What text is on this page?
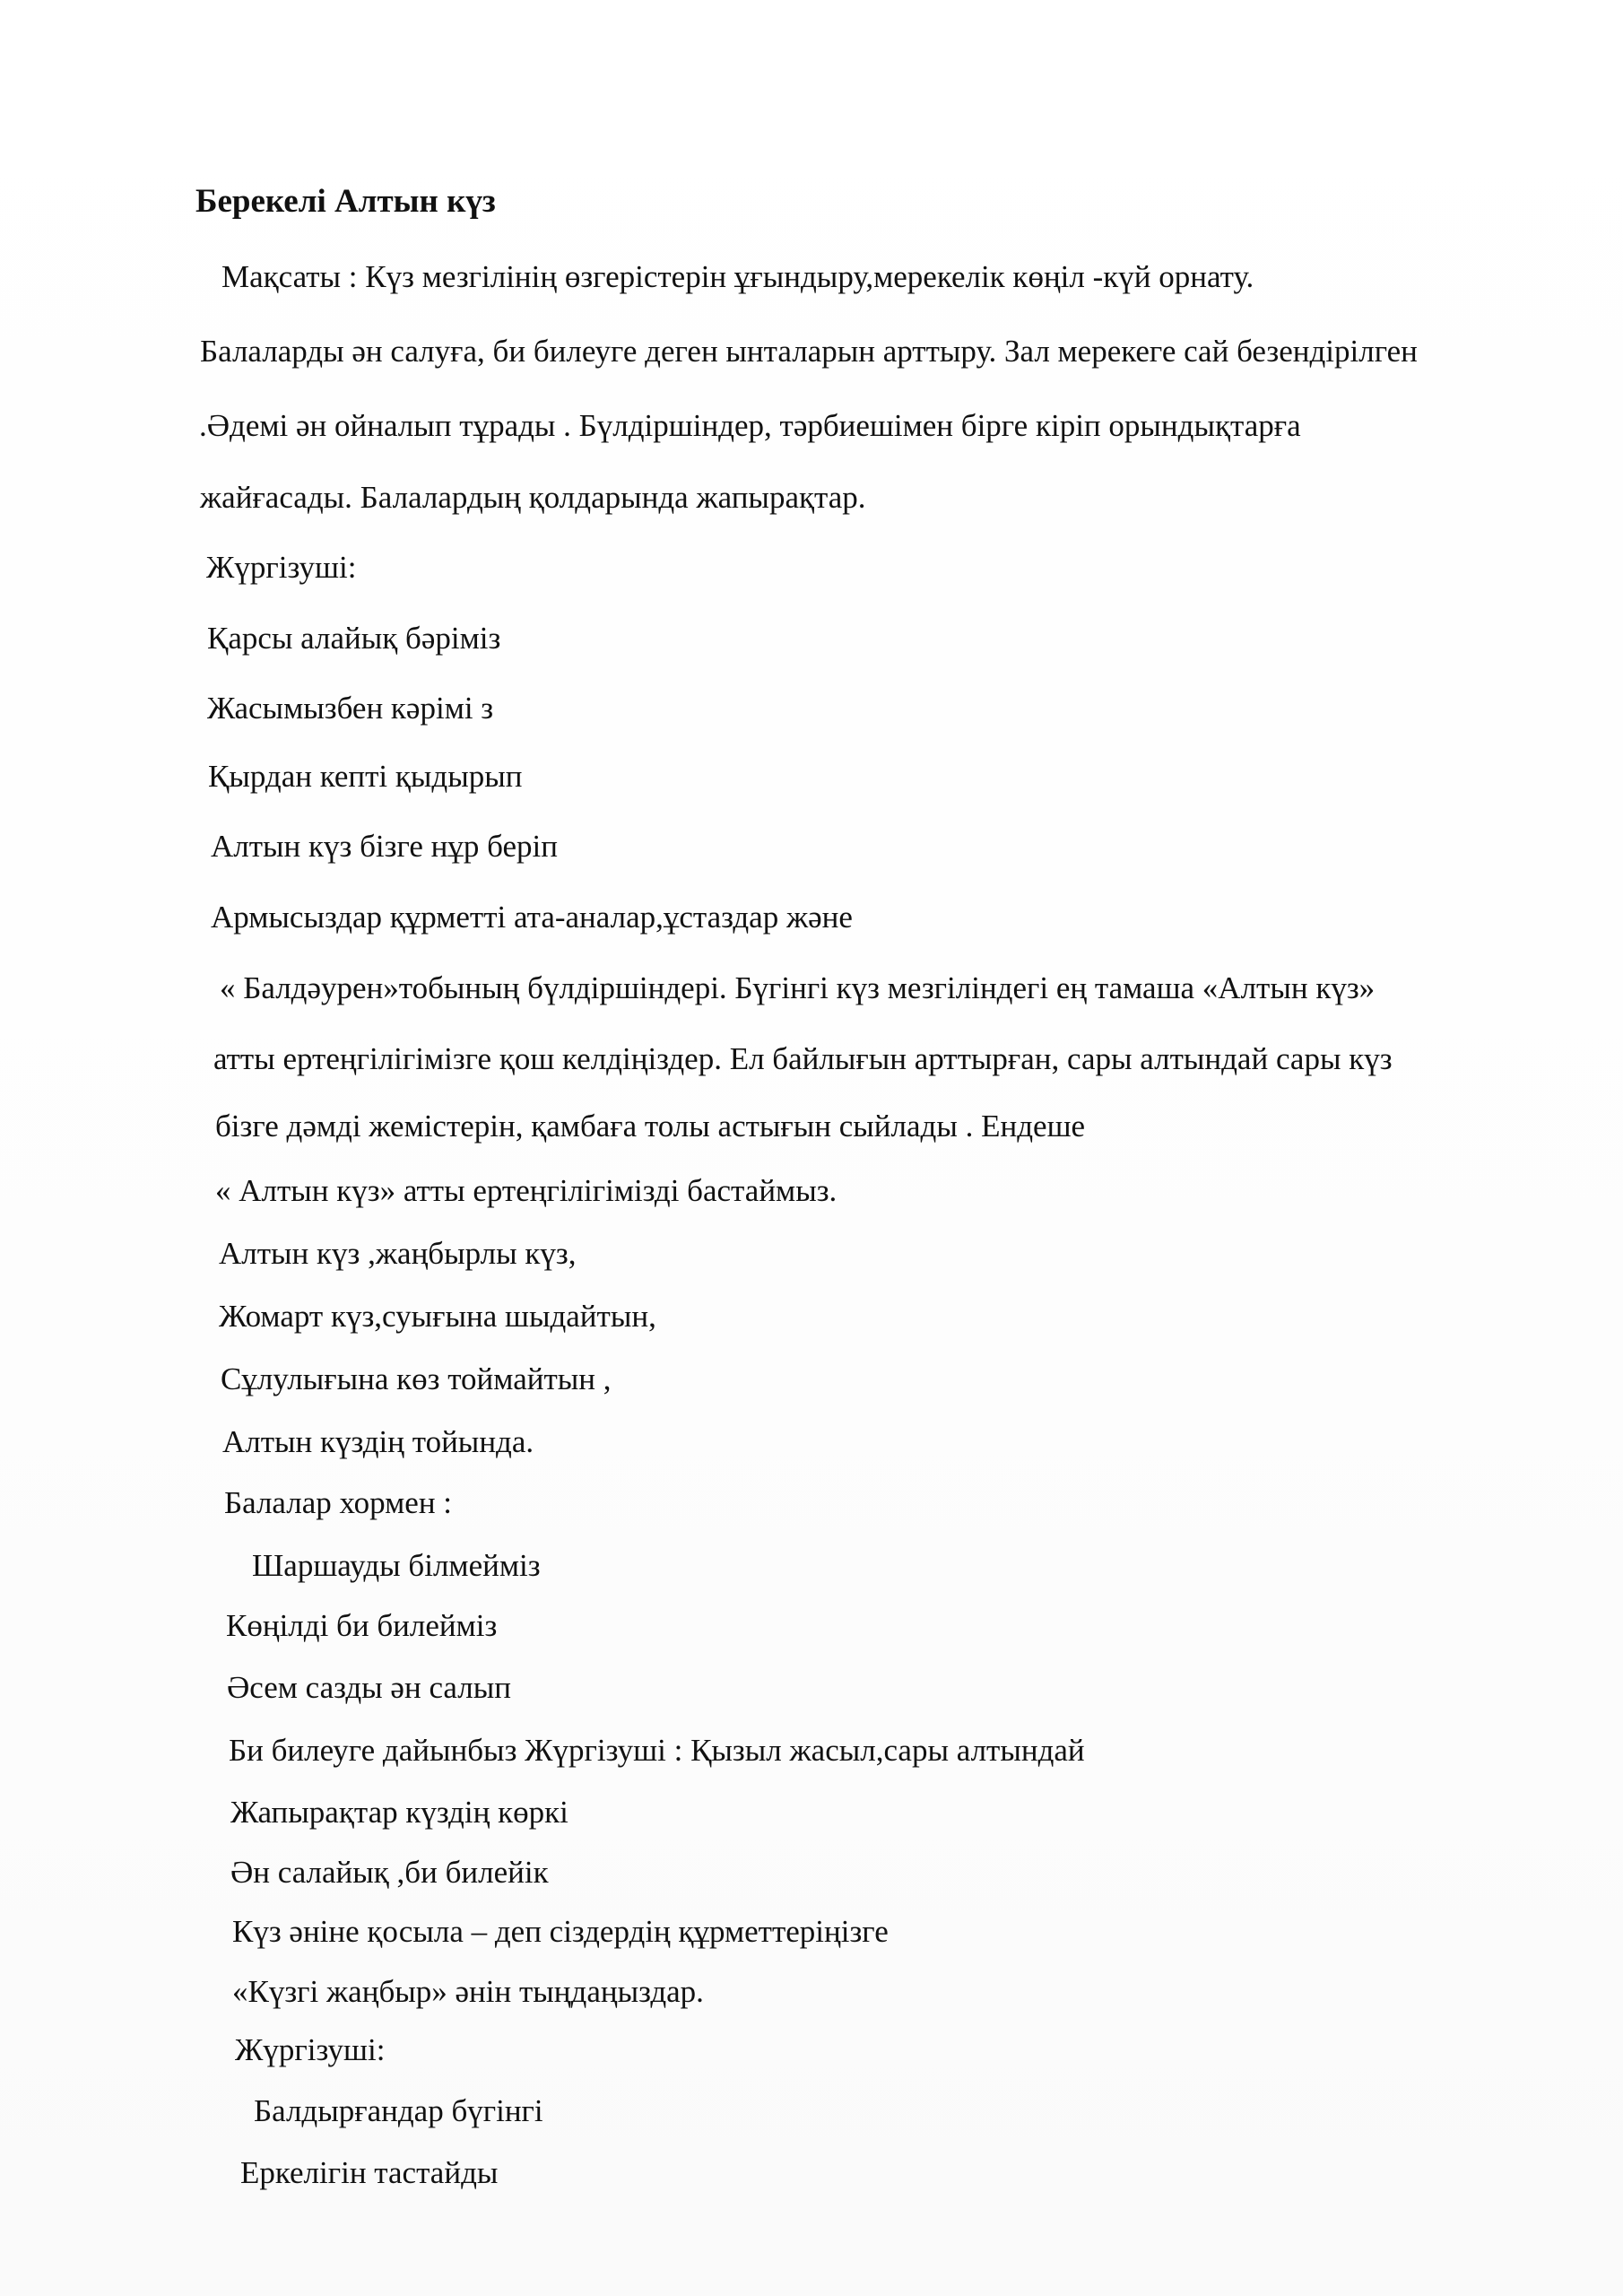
Берекелі Алтын күз
Мақсаты : Күз мезгілінің өзгерістерін ұғындыру,мерекелік көңіл -күй орнату.
Балаларды ән салуға, би билеуге деген ынталарын арттыру. Зал мерекеге сай безендірілген
.Әдемі ән ойналып тұрады . Бүлдіршіндер, тәрбиешімен бірге кіріп орындықтарға
жайғасады. Балалардың қолдарында жапырақтар.
Жүргізуші:
Қарсы алайық бәріміз
Жасымызбен кәрімі з
Қырдан кепті қыдырып
Алтын күз бізге нұр беріп
Армысыздар құрметті ата-аналар,ұстаздар және
« Балдәурен»тобының бүлдіршіндері. Бүгінгі күз мезгіліндегі ең тамаша «Алтын күз»
атты ертеңгілігімізге қош келдіңіздер. Ел байлығын арттырған, сары алтындай сары күз
бізге дәмді жемістерін, қамбаға толы астығын сыйлады . Ендеше
« Алтын күз» атты ертеңгілігімізді бастаймыз.
Алтын күз ,жаңбырлы күз,
Жомарт күз,суығына шыдайтын,
Сұлулығына көз тоймайтын ,
Алтын күздің тойында.
Балалар хормен :
Шаршауды білмейміз
Көңілді би билейміз
Әсем сазды ән салып
Би билеуге дайынбыз Жүргізуші : Қызыл жасыл,сары алтындай
Жапырақтар күздің көркі
Ән салайық ,би билейік
Күз әніне қосыла – деп сіздердің құрметтеріңізге
«Күзгі жаңбыр» әнін тыңдаңыздар.
Жүргізуші:
Балдырғандар бүгінгі
Еркелігін тастайды
